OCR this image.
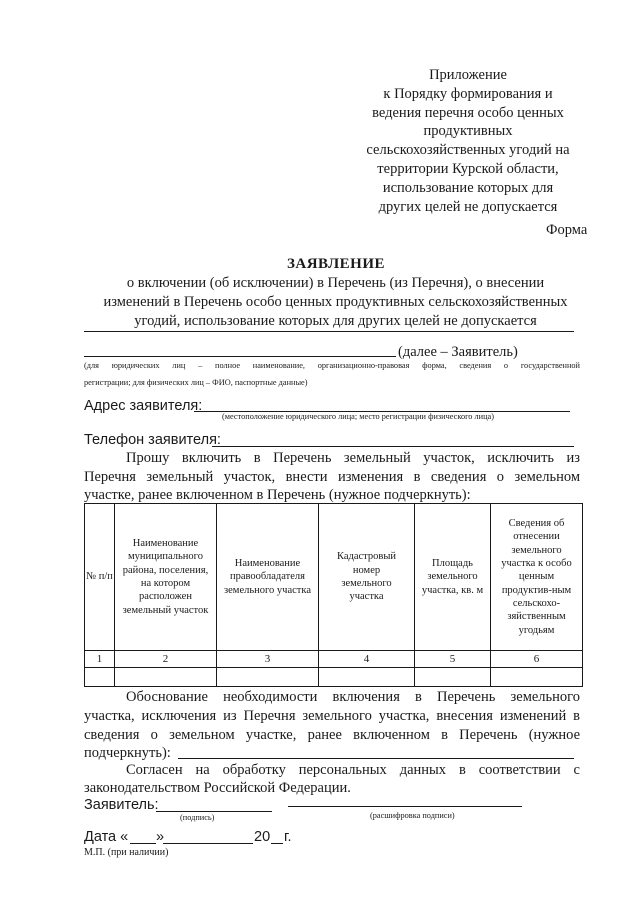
Приложение
к Порядку формирования и
ведения перечня особо ценных
продуктивных
сельскохозяйственных угодий на
территории Курской области,
использование которых для
других целей не допускается
Форма
ЗАЯВЛЕНИЕ
о включении (об исключении) в Перечень (из Перечня), о внесении
изменений в Перечень особо ценных продуктивных сельскохозяйственных
угодий, использование которых для других целей не допускается
(далее – Заявитель)
(для юридических лиц – полное наименование, организационно-правовая форма, сведения о государственной
регистрации; для физических лиц – ФИО, паспортные данные)
Адрес заявителя:
(местоположение юридического лица; место регистрации физического лица)
Телефон заявителя:
Прошу включить в Перечень земельный участок, исключить из
Перечня земельный участок, внести изменения в сведения о земельном
участке, ранее включенном в Перечень (нужное подчеркнуть):
№ п/п	Наименование муниципального района, поселения, на котором расположен земельный участок	Наименование правообладателя земельного участка	Кадастровый номер земельного участка	Площадь земельного участка, кв. м	Сведения об отнесении земельного участка к особо ценным продуктив-ным сельскохо-зяйственным угодьям
1	2	3	4	5	6

Обоснование необходимости включения в Перечень земельного
участка, исключения из Перечня земельного участка, внесения изменений в
сведения о земельном участке, ранее включенном в Перечень (нужное
подчеркнуть):
Согласен на обработку персональных данных в соответствии с
законодательством Российской Федерации.
Заявитель:
(подпись)	(расшифровка подписи)
Дата « »	20 г.
М.П. (при наличии)
